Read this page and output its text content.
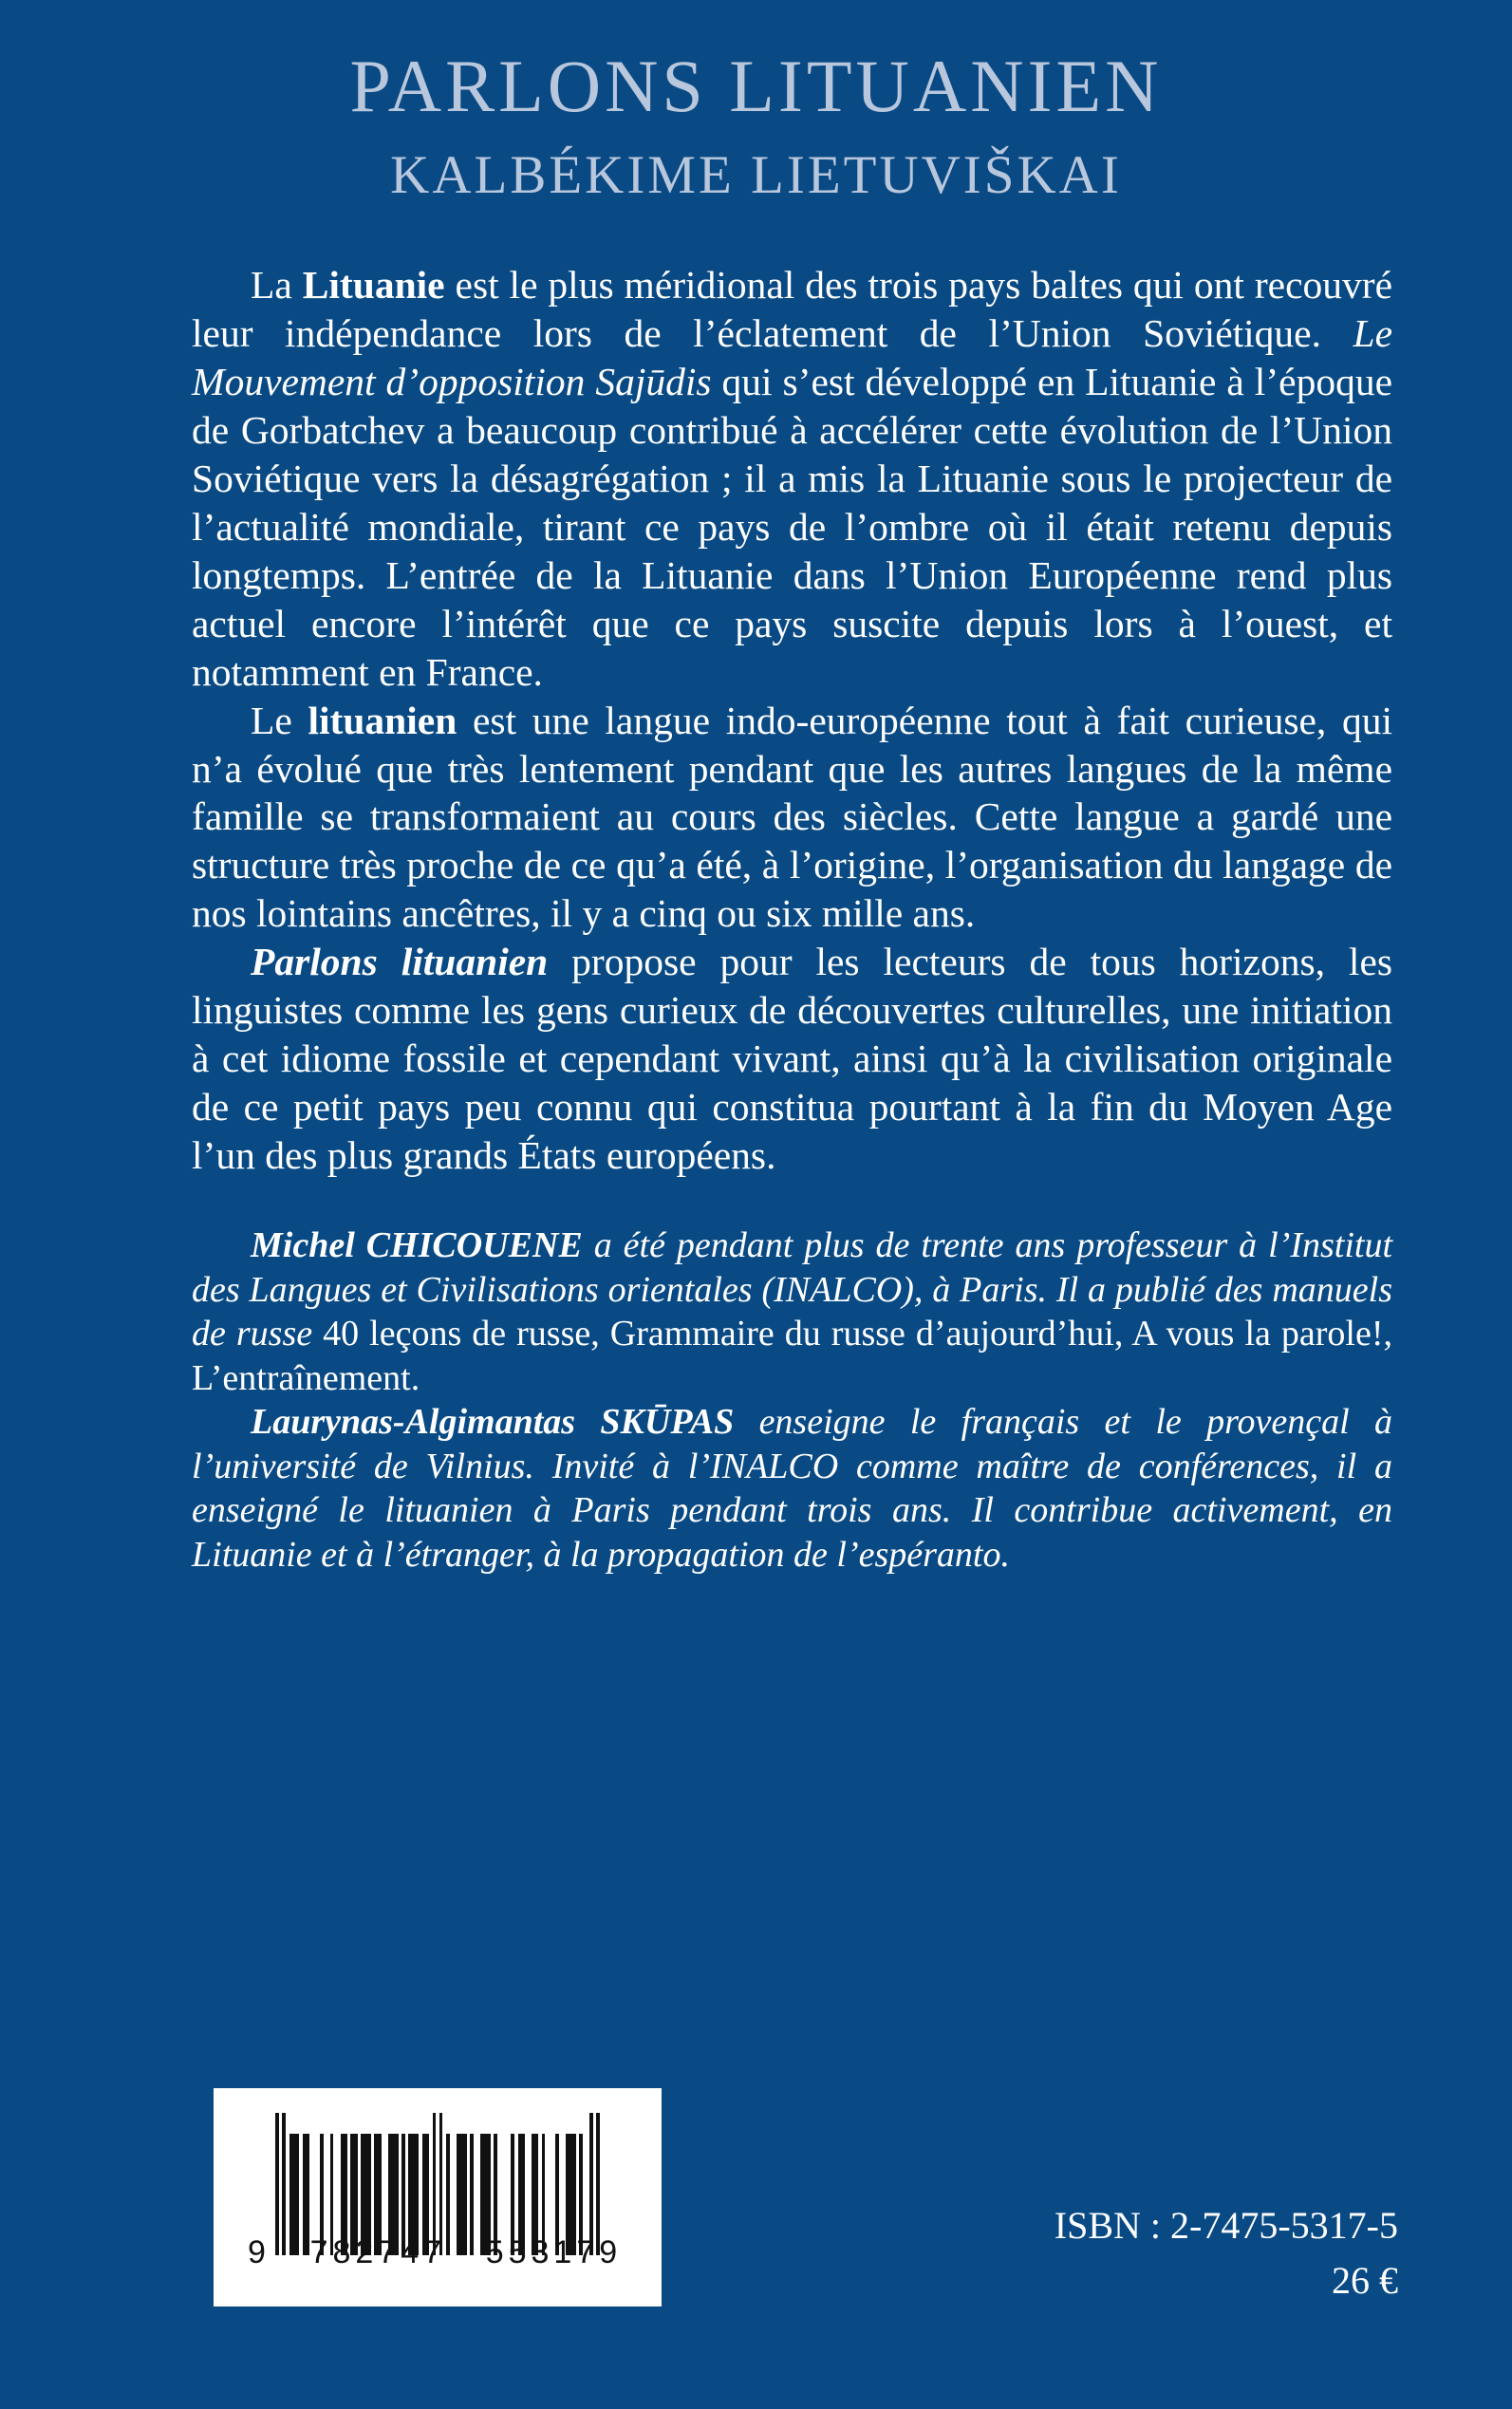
PARLONS LITUANIEN
KALBÉKIME LIETUVIŠKAI

La Lituanie est le plus méridional des trois pays baltes qui ont recouvré leur indépendance lors de l’éclatement de l’Union Soviétique. Le Mouvement d’opposition Sajūdis qui s’est développé en Lituanie à l’époque de Gorbatchev a beaucoup contribué à accélérer cette évolution de l’Union Soviétique vers la désagrégation ; il a mis la Lituanie sous le projecteur de l’actualité mondiale, tirant ce pays de l’ombre où il était retenu depuis longtemps. L’entrée de la Lituanie dans l’Union Européenne rend plus actuel encore l’intérêt que ce pays suscite depuis lors à l’ouest, et notamment en France.

Le lituanien est une langue indo-européenne tout à fait curieuse, qui n’a évolué que très lentement pendant que les autres langues de la même famille se transformaient au cours des siècles. Cette langue a gardé une structure très proche de ce qu’a été, à l’origine, l’organisation du langage de nos lointains ancêtres, il y a cinq ou six mille ans.

Parlons lituanien propose pour les lecteurs de tous horizons, les linguistes comme les gens curieux de découvertes culturelles, une initiation à cet idiome fossile et cependant vivant, ainsi qu’à la civilisation originale de ce petit pays peu connu qui constitua pourtant à la fin du Moyen Age l’un des plus grands États européens.

Michel CHICOUENE a été pendant plus de trente ans professeur à l’Institut des Langues et Civilisations orientales (INALCO), à Paris. Il a publié des manuels de russe 40 leçons de russe, Grammaire du russe d’aujourd’hui, A vous la parole!, L’entraînement.

Laurynas-Algimantas SKŪPAS enseigne le français et le provençal à l’université de Vilnius. Invité à l’INALCO comme maître de conférences, il a enseigné le lituanien à Paris pendant trois ans. Il contribue activement, en Lituanie et à l’étranger, à la propagation de l’espéranto.

9	782747 553179
ISBN : 2-7475-5317-5
26 €
